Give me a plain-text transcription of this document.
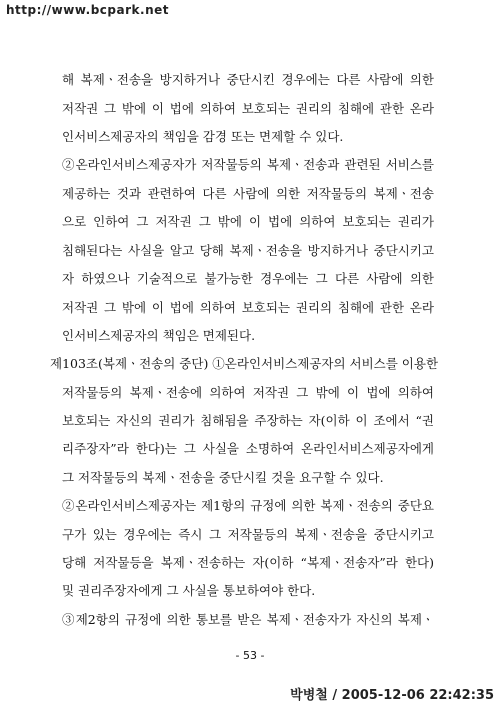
http://www.bcpark.net
해 복제ㆍ전송을 방지하거나 중단시킨 경우에는 다른 사람에 의한
저작권 그 밖에 이 법에 의하여 보호되는 권리의 침해에 관한 온라
인서비스제공자의 책임을 감경 또는 면제할 수 있다.
②온라인서비스제공자가 저작물등의 복제ㆍ전송과 관련된 서비스를
제공하는 것과 관련하여 다른 사람에 의한 저작물등의 복제ㆍ전송
으로 인하여 그 저작권 그 밖에 이 법에 의하여 보호되는 권리가
침해된다는 사실을 알고 당해 복제ㆍ전송을 방지하거나 중단시키고
자 하였으나 기술적으로 불가능한 경우에는 그 다른 사람에 의한
저작권 그 밖에 이 법에 의하여 보호되는 권리의 침해에 관한 온라
인서비스제공자의 책임은 면제된다.
제103조(복제ㆍ전송의 중단) ①온라인서비스제공자의 서비스를 이용한
저작물등의 복제ㆍ전송에 의하여 저작권 그 밖에 이 법에 의하여
보호되는 자신의 권리가 침해됨을 주장하는 자(이하 이 조에서 “권
리주장자”라 한다)는 그 사실을 소명하여 온라인서비스제공자에게
그 저작물등의 복제ㆍ전송을 중단시킬 것을 요구할 수 있다.
②온라인서비스제공자는 제1항의 규정에 의한 복제ㆍ전송의 중단요
구가 있는 경우에는 즉시 그 저작물등의 복제ㆍ전송을 중단시키고
당해 저작물등을 복제ㆍ전송하는 자(이하 “복제ㆍ전송자”라 한다)
및 권리주장자에게 그 사실을 통보하여야 한다.
③제2항의 규정에 의한 통보를 받은 복제ㆍ전송자가 자신의 복제ㆍ
- 53 -
박병철 / 2005-12-06 22:42:35
